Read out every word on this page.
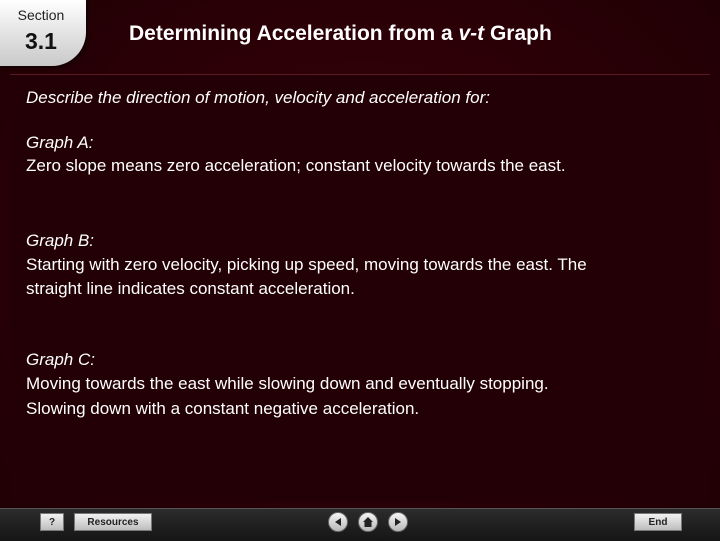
Section
3.1	Determining Acceleration from a v-t Graph
Describe the direction of motion, velocity and acceleration for:
Graph A:
Zero slope means zero acceleration; constant velocity towards the east.
Graph B:
Starting with zero velocity, picking up speed, moving towards the east. The
straight line indicates constant acceleration.
Graph C:
Moving towards the east while slowing down and eventually stopping.
Slowing down with a constant negative acceleration.
?	Resources	End
